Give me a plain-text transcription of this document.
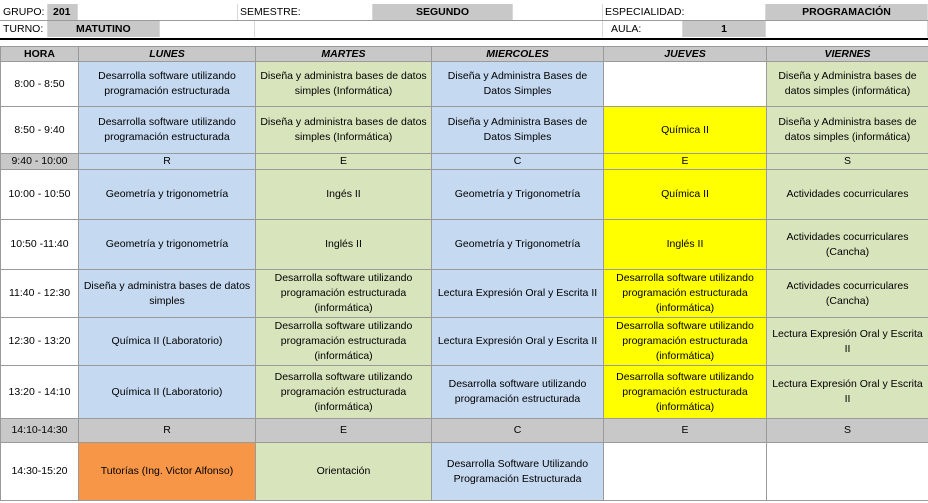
GRUPO: 201	SEMESTRE:	SEGUNDO	ESPECIALIDAD:	PROGRAMACIÓN
TURNO:	MATUTINO	AULA:	1
HORA	LUNES	MARTES	MIERCOLES	JUEVES	VIERNES
8:00 - 8:50	Desarrolla software utilizando programación estructurada	Diseña y administra bases de datos simples (Informática)	Diseña y Administra Bases de Datos Simples		Diseña y Administra bases de datos simples (informática)
8:50 - 9:40	Desarrolla software utilizando programación estructurada	Diseña y administra bases de datos simples (Informática)	Diseña y Administra Bases de Datos Simples	Química II	Diseña y Administra bases de datos simples (informática)
9:40 - 10:00	R	E	C	E	S
10:00 - 10:50	Geometría y trigonometría	Ingés II	Geometría y Trigonometría	Química II	Actividades cocurriculares
10:50 -11:40	Geometría y trigonometría	Inglés II	Geometría y Trigonometría	Inglés II	Actividades cocurriculares (Cancha)
11:40 - 12:30	Diseña y administra bases de datos simples	Desarrolla software utilizando programación estructurada (informática)	Lectura Expresión Oral y Escrita II	Desarrolla software utilizando programación estructurada (informática)	Actividades cocurriculares (Cancha)
12:30 - 13:20	Química II (Laboratorio)	Desarrolla software utilizando programación estructurada (informática)	Lectura Expresión Oral y Escrita II	Desarrolla software utilizando programación estructurada (informática)	Lectura Expresión Oral y Escrita II
13:20 - 14:10	Química II (Laboratorio)	Desarrolla software utilizando programación estructurada (informática)	Desarrolla software utilizando programación estructurada	Desarrolla software utilizando programación estructurada (informática)	Lectura Expresión Oral y Escrita II
14:10-14:30	R	E	C	E	S
14:30-15:20	Tutorías (Ing. Victor Alfonso)	Orientación	Desarrolla Software Utilizando Programación Estructurada		
